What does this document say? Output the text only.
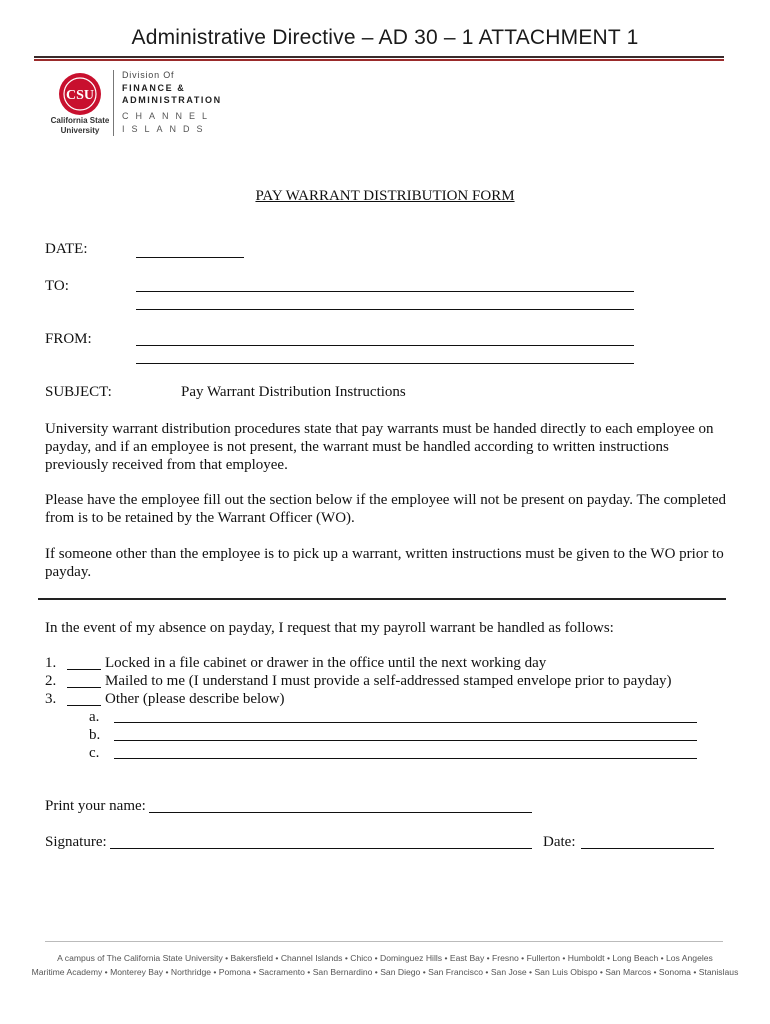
Administrative Directive – AD 30 – 1 ATTACHMENT 1
CSU
California State
University
Division Of
FINANCE &
ADMINISTRATION
CHANNEL
ISLANDS
PAY WARRANT DISTRIBUTION FORM
DATE:
TO:
FROM:
SUBJECT:	Pay Warrant Distribution Instructions
University warrant distribution procedures state that pay warrants must be handed directly to each employee on payday, and if an employee is not present, the warrant must be handled according to written instructions previously received from that employee.
Please have the employee fill out the section below if the employee will not be present on payday. The completed from is to be retained by the Warrant Officer (WO).
If someone other than the employee is to pick up a warrant, written instructions must be given to the WO prior to payday.
In the event of my absence on payday, I request that my payroll warrant be handled as follows:
1.	Locked in a file cabinet or drawer in the office until the next working day
2.	Mailed to me (I understand I must provide a self-addressed stamped envelope prior to payday)
3.	Other (please describe below)
a.
b.
c.
Print your name:
Signature:	Date:
A campus of The California State University • Bakersfield • Channel Islands • Chico • Dominguez Hills • East Bay • Fresno • Fullerton • Humboldt • Long Beach • Los Angeles
Maritime Academy • Monterey Bay • Northridge • Pomona • Sacramento • San Bernardino • San Diego • San Francisco • San Jose • San Luis Obispo • San Marcos • Sonoma • Stanislaus
